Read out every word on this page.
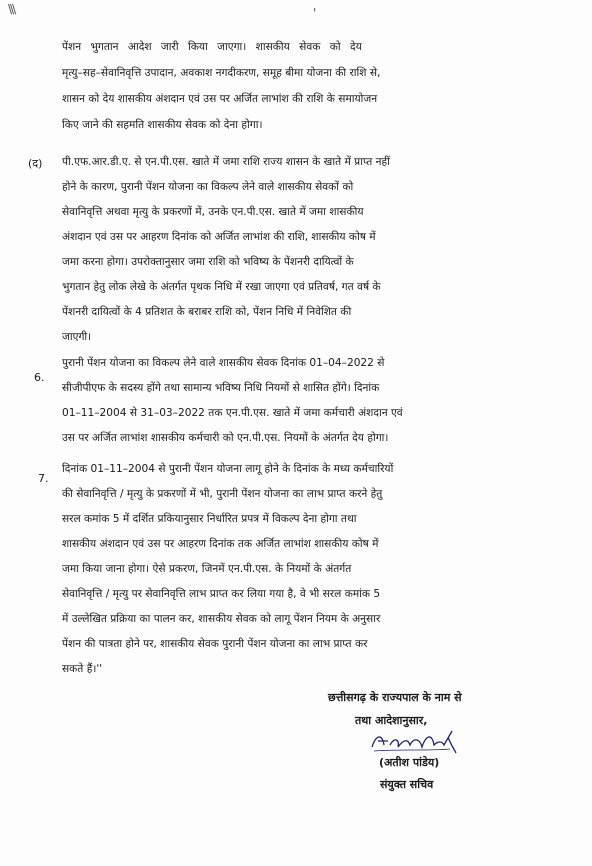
\\\	'
पेंशन भुगतान आदेश जारी किया जाएगा। शासकीय सेवक को देय
मृत्यु–सह–सेवानिवृत्ति उपादान, अवकाश नगदीकरण, समूह बीमा योजना की राशि से,
शासन को देय शासकीय अंशदान एवं उस पर अर्जित लाभांश की राशि के समायोजन
किए जाने की सहमति शासकीय सेवक को देना होगा।
(द) पी.एफ.आर.डी.ए. से एन.पी.एस. खाते में जमा राशि राज्य शासन के खाते में प्राप्त नहीं
होने के कारण, पुरानी पेंशन योजना का विकल्प लेने वाले शासकीय सेवकों को
सेवानिवृत्ति अथवा मृत्यु के प्रकरणों में, उनके एन.पी.एस. खाते में जमा शासकीय
अंशदान एवं उस पर आहरण दिनांक को अर्जित लाभांश की राशि, शासकीय कोष में
जमा करना होगा। उपरोक्तानुसार जमा राशि को भविष्य के पेंशनरी दायित्वों के
भुगतान हेतु लोक लेखे के अंतर्गत पृथक निधि में रखा जाएगा एवं प्रतिवर्ष, गत वर्ष के
पेंशनरी दायित्वों के 4 प्रतिशत के बराबर राशि को, पेंशन निधि में निवेशित की
जाएगी।
6.
पुरानी पेंशन योजना का विकल्प लेने वाले शासकीय सेवक दिनांक 01–04–2022 से
सीजीपीएफ के सदस्य होंगे तथा सामान्य भविष्य निधि नियमों से शासित होंगे। दिनांक
01–11–2004 से 31–03–2022 तक एन.पी.एस. खाते में जमा कर्मचारी अंशदान एवं
उस पर अर्जित लाभांश शासकीय कर्मचारी को एन.पी.एस. नियमों के अंतर्गत देय होगा।
7.
दिनांक 01–11–2004 से पुरानी पेंशन योजना लागू होने के दिनांक के मध्य कर्मचारियों
की सेवानिवृत्ति / मृत्यु के प्रकरणों में भी, पुरानी पेंशन योजना का लाभ प्राप्त करने हेतु
सरल कमांक 5 में दर्शित प्रकियानुसार निर्धारित प्रपत्र में विकल्प देना होगा तथा
शासकीय अंशदान एवं उस पर आहरण दिनांक तक अर्जित लाभांश शासकीय कोष में
जमा किया जाना होगा। ऐसे प्रकरण, जिनमें एन.पी.एस. के नियमों के अंतर्गत
सेवानिवृत्ति / मृत्यु पर सेवानिवृत्ति लाभ प्राप्त कर लिया गया है, वे भी सरल कमांक 5
में उल्लेखित प्रक्रिया का पालन कर, शासकीय सेवक को लागू पेंशन नियम के अनुसार
पेंशन की पात्रता होने पर, शासकीय सेवक पुरानी पेंशन योजना का लाभ प्राप्त कर
सकते हैं।''
छत्तीसगढ़ के राज्यपाल के नाम से
तथा आदेशानुसार,
(अतीश पांडेय)
संयुक्त सचिव
